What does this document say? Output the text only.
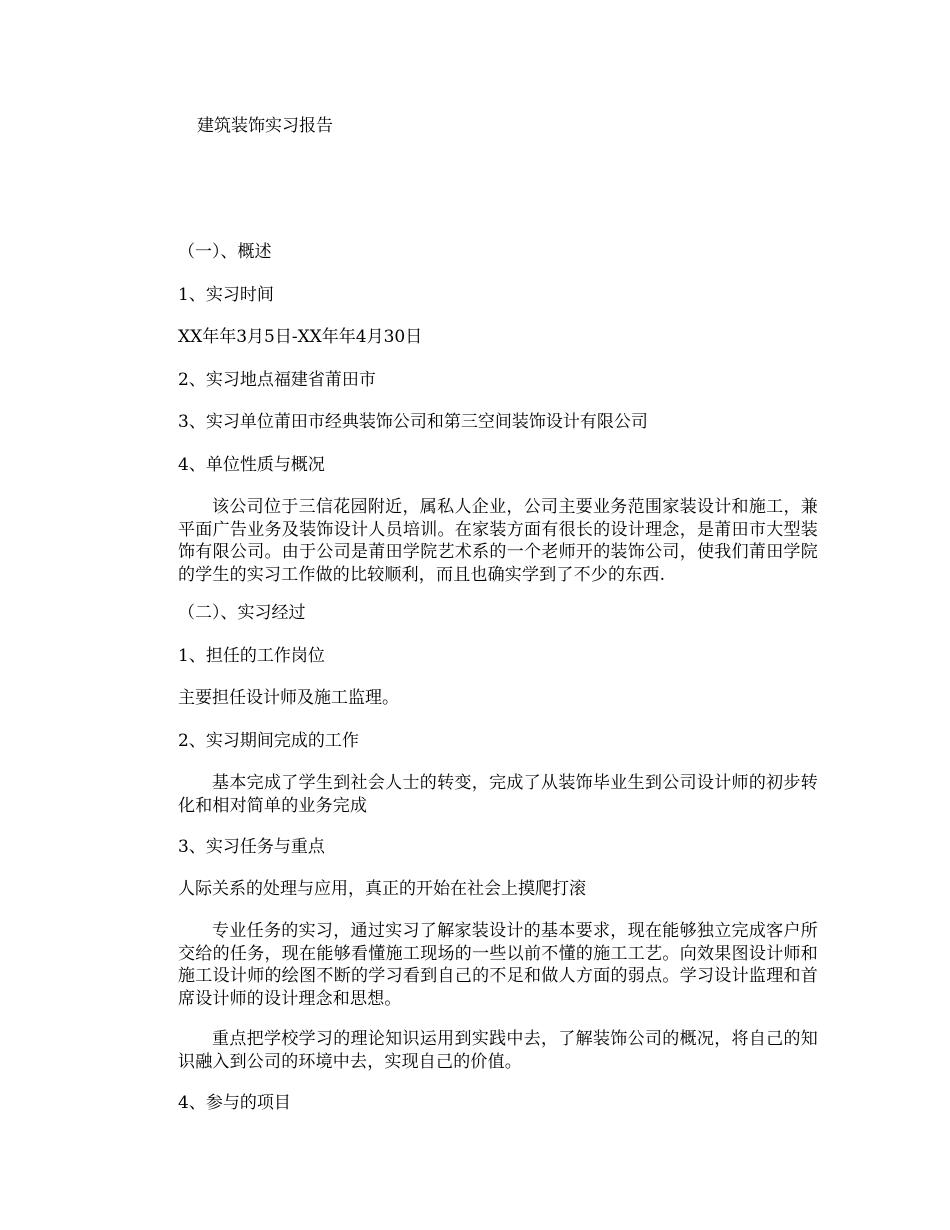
建筑装饰实习报告

（一）、概述

1、实习时间

XX年年3月5日-XX年年4月30日

2、实习地点福建省莆田市

3、实习单位莆田市经典装饰公司和第三空间装饰设计有限公司

4、单位性质与概况

该公司位于三信花园附近，属私人企业，公司主要业务范围家装设计和施工，兼平面广告业务及装饰设计人员培训。在家装方面有很长的设计理念，是莆田市大型装饰有限公司。由于公司是莆田学院艺术系的一个老师开的装饰公司，使我们莆田学院的学生的实习工作做的比较顺利，而且也确实学到了不少的东西.

（二）、实习经过

1、担任的工作岗位

主要担任设计师及施工监理。

2、实习期间完成的工作

基本完成了学生到社会人士的转变，完成了从装饰毕业生到公司设计师的初步转化和相对简单的业务完成

3、实习任务与重点

人际关系的处理与应用，真正的开始在社会上摸爬打滚

专业任务的实习，通过实习了解家装设计的基本要求，现在能够独立完成客户所交给的任务，现在能够看懂施工现场的一些以前不懂的施工工艺。向效果图设计师和施工设计师的绘图不断的学习看到自己的不足和做人方面的弱点。学习设计监理和首席设计师的设计理念和思想。

重点把学校学习的理论知识运用到实践中去，了解装饰公司的概况，将自己的知识融入到公司的环境中去，实现自己的价值。

4、参与的项目
